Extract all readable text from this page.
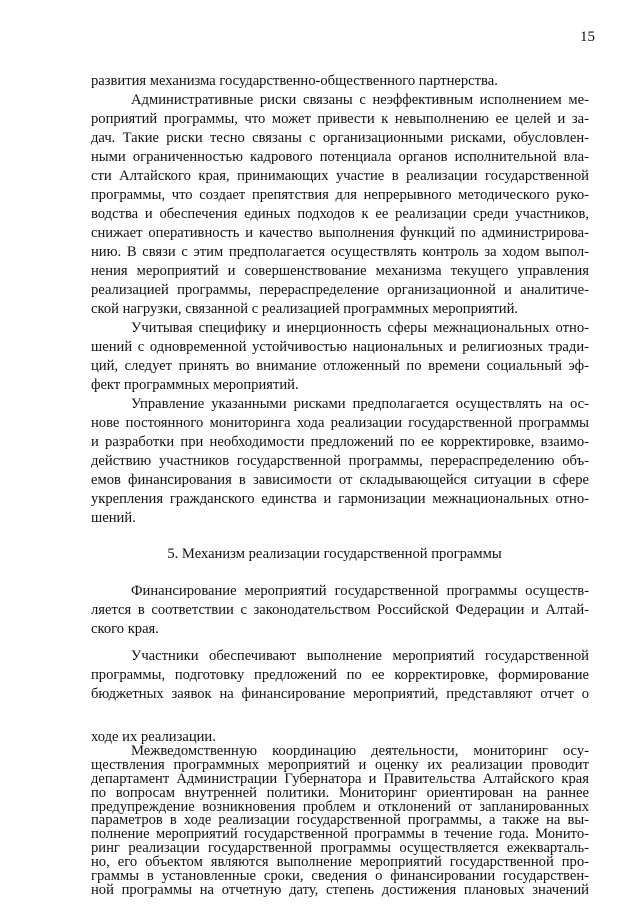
15
развития механизма государственно-общественного партнерства.
Административные риски связаны с неэффективным исполнением ме-
роприятий программы, что может привести к невыполнению ее целей и за-
дач. Такие риски тесно связаны с организационными рисками, обусловлен-
ными ограниченностью кадрового потенциала органов исполнительной вла-
сти Алтайского края, принимающих участие в реализации государственной
программы, что создает препятствия для непрерывного методического руко-
водства и обеспечения единых подходов к ее реализации среди участников,
снижает оперативность и качество выполнения функций по администрирова-
нию. В связи с этим предполагается осуществлять контроль за ходом выпол-
нения мероприятий и совершенствование механизма текущего управления
реализацией программы, перераспределение организационной и аналитиче-
ской нагрузки, связанной с реализацией программных мероприятий.
Учитывая специфику и инерционность сферы межнациональных отно-
шений с одновременной устойчивостью национальных и религиозных тради-
ций, следует принять во внимание отложенный по времени социальный эф-
фект программных мероприятий.
Управление указанными рисками предполагается осуществлять на ос-
нове постоянного мониторинга хода реализации государственной программы
и разработки при необходимости предложений по ее корректировке, взаимо-
действию участников государственной программы, перераспределению объ-
емов финансирования в зависимости от складывающейся ситуации в сфере
укрепления гражданского единства и гармонизации межнациональных отно-
шений.
5. Механизм реализации государственной программы
Финансирование мероприятий государственной программы осуществ-
ляется в соответствии с законодательством Российской Федерации и Алтай-
ского края.
Участники обеспечивают выполнение мероприятий государственной
программы, подготовку предложений по ее корректировке, формирование
бюджетных заявок на финансирование мероприятий, представляют отчет о
ходе их реализации.
Межведомственную координацию деятельности, мониторинг осу-
ществления программных мероприятий и оценку их реализации проводит
департамент Администрации Губернатора и Правительства Алтайского края
по вопросам внутренней политики. Мониторинг ориентирован на раннее
предупреждение возникновения проблем и отклонений от запланированных
параметров в ходе реализации государственной программы, а также на вы-
полнение мероприятий государственной программы в течение года. Монито-
ринг реализации государственной программы осуществляется ежекварталь-
но, его объектом являются выполнение мероприятий государственной про-
граммы в установленные сроки, сведения о финансировании государствен-
ной программы на отчетную дату, степень достижения плановых значений
